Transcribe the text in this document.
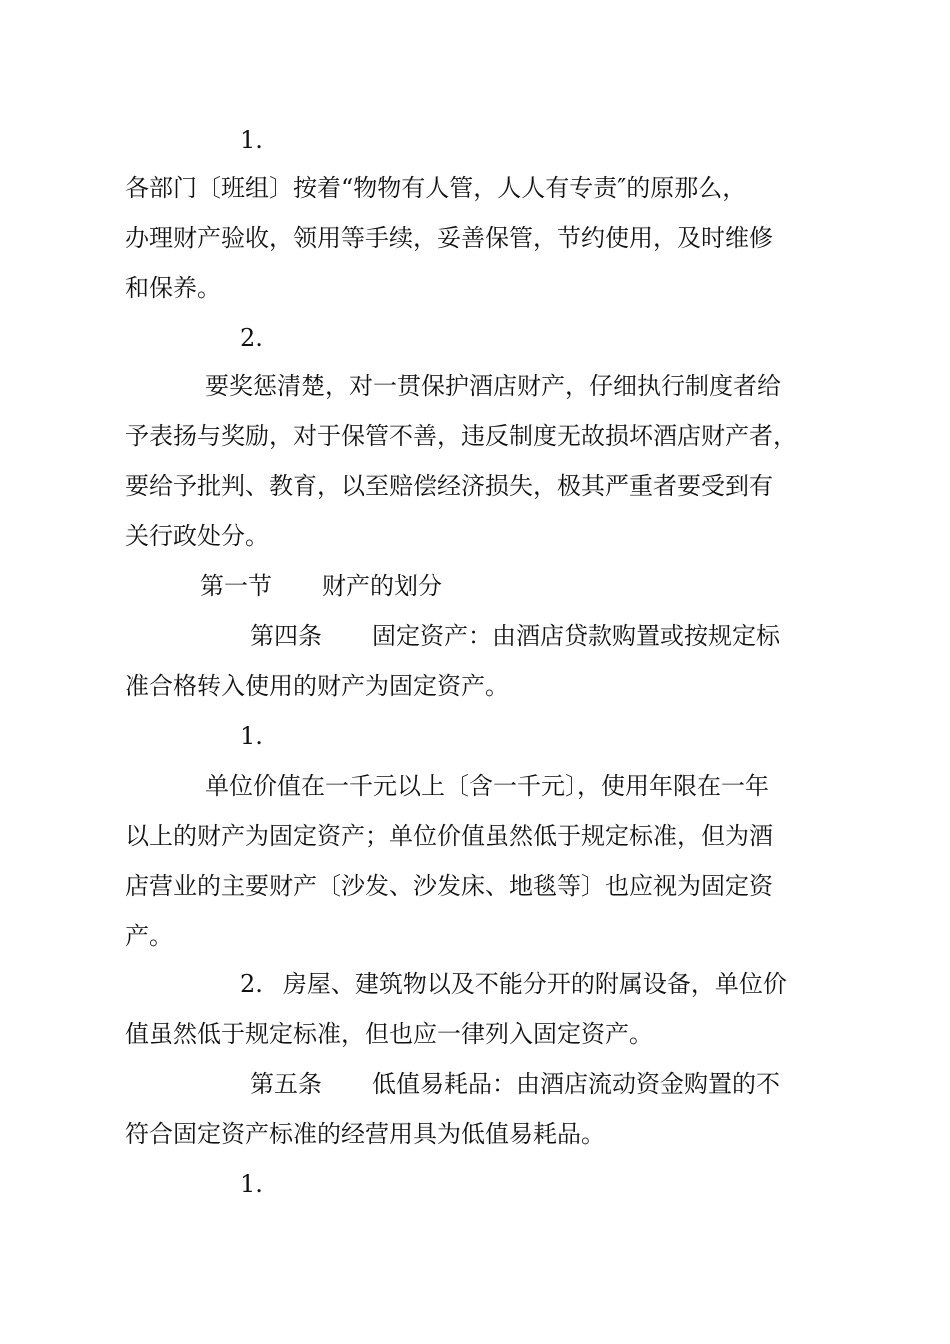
1.
各部门〔班组〕按着“物物有人管，人人有专责″的原那么，
办理财产验收，领用等手续，妥善保管，节约使用，及时维修
和保养。
2.
要奖惩清楚，对一贯保护酒店财产，仔细执行制度者给
予表扬与奖励，对于保管不善，违反制度无故损坏酒店财产者，
要给予批判、教育，以至赔偿经济损失，极其严重者要受到有
关行政处分。
第一节 财产的划分
第四条 固定资产：由酒店贷款购置或按规定标
准合格转入使用的财产为固定资产。
1.
单位价值在一千元以上〔含一千元〕，使用年限在一年
以上的财产为固定资产；单位价值虽然低于规定标准，但为酒
店营业的主要财产〔沙发、沙发床、地毯等〕也应视为固定资
产。
2. 房屋、建筑物以及不能分开的附属设备，单位价
值虽然低于规定标准，但也应一律列入固定资产。
第五条 低值易耗品：由酒店流动资金购置的不
符合固定资产标准的经营用具为低值易耗品。
1.
